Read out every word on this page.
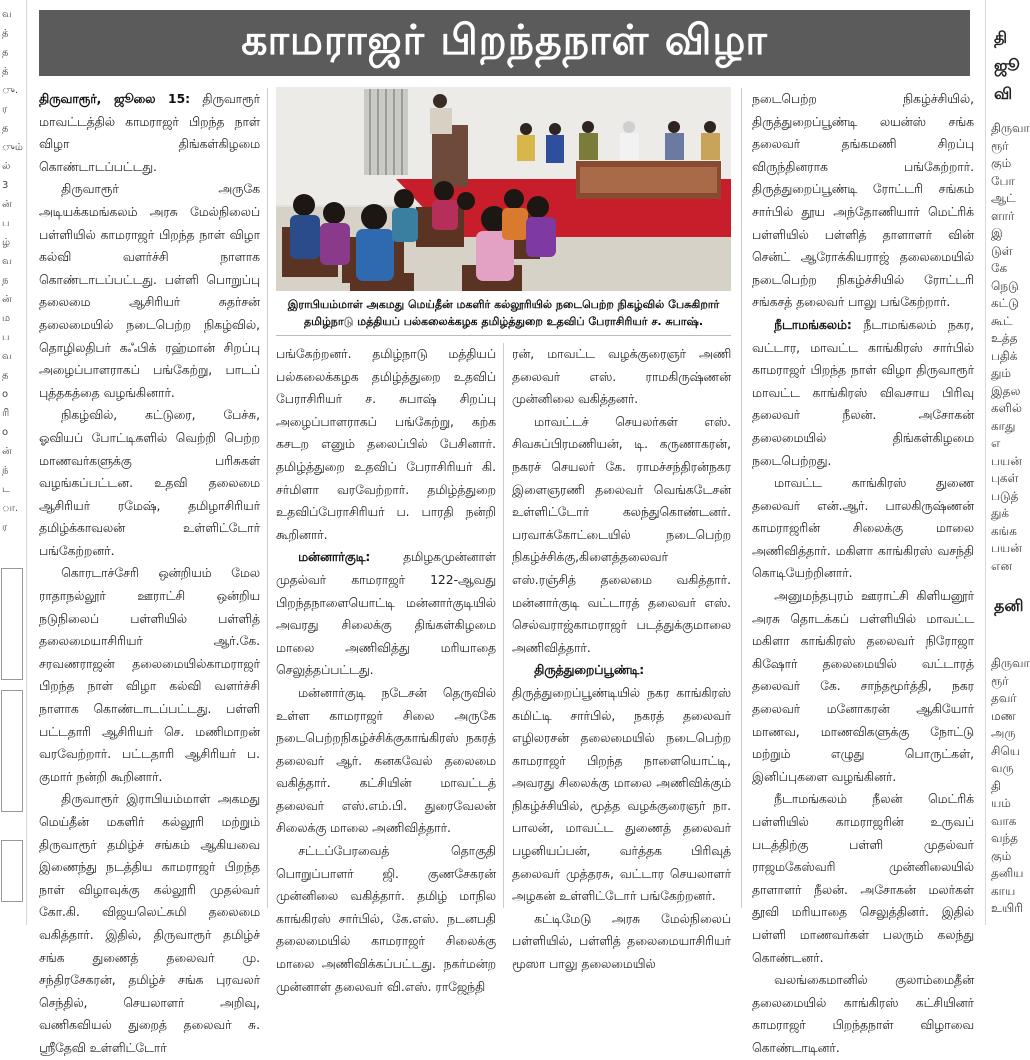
வ
த்
த
த்
ு.
ர
த
ும்
ல்
3
ன்
ப
ழ்
வ
ந
ன்
ம
ப
வ
த
o
ரி
o
ன்
ந்
ட
ா.
ர
காமராஜர் பிறந்தநாள் விழா

திருவாரூர், ஜூலை 15: திருவாரூர் மாவட்டத்தில் காமராஜர் பிறந்த நாள் விழா திங்கள்கிழமை கொண்டாடப்பட்டது.

திருவாரூர் அருகே அடியக்கமங்கலம் அரசு மேல்நிலைப் பள்ளியில் காமராஜர் பிறந்த நாள் விழா கல்வி வளர்ச்சி நாளாக கொண்டாடப்பட்டது. பள்ளி பொறுப்பு தலைமை ஆசிரியர் சுதர்சன் தலைமையில் நடைபெற்ற நிகழ்வில், தொழிலதிபர் கஃபிக் ரஹ்மான் சிறப்பு அழைப்பாளராகப் பங்கேற்று, பாடப் புத்தகத்தை வழங்கினார்.

நிகழ்வில், கட்டுரை, பேச்சு, ஓவியப் போட்டிகளில் வெற்றி பெற்ற மாணவர்களுக்கு பரிசுகள் வழங்கப்பட்டன. உதவி தலைமை ஆசிரியர் ரமேஷ், தமிழாசிரியர் தமிழ்க்காவலன் உள்ளிட்டோர் பங்கேற்றனர்.

கொரடாச்சேரி ஒன்றியம் மேல ராதாநல்லூர் ஊராட்சி ஒன்றிய நடுநிலைப் பள்ளியில் பள்ளித் தலைமையாசிரியர் ஆர்.கே. சரவணராஜன் தலைமையில்காமராஜர் பிறந்த நாள் விழா கல்வி வளர்ச்சி நாளாக கொண்டாடப்பட்டது. பள்ளி பட்டதாரி ஆசிரியர் செ. மணிமாறன் வரவேற்றார். பட்டதாரி ஆசிரியர் ப. குமார் நன்றி கூறினார்.

திருவாரூர் இராபியம்மாள் அகமது மெய்தீன் மகளிர் கல்லூரி மற்றும் திருவாரூர் தமிழ்ச் சங்கம் ஆகியவை இணைந்து நடத்திய காமராஜர் பிறந்த நாள் விழாவுக்கு கல்லூரி முதல்வர் கோ.கி. விஜயலெட்சுமி தலைமை வகித்தார். இதில், திருவாரூர் தமிழ்ச் சங்க துணைத் தலைவர் மு. சந்திரசேகரன், தமிழ்ச் சங்க புரவலர் செந்தில், செயலாளர் அறிவு, வணிகவியல் துறைத் தலைவர் சு. ஸ்ரீதேவி உள்ளிட்டோர்

இராபியம்மாள் அகமது மெய்தீன் மகளிர் கல்லூரியில் நடைபெற்ற நிகழ்வில் பேசுகிறார் தமிழ்நாடு மத்தியப் பல்கலைக்கழக தமிழ்த்துறை உதவிப் பேராசிரியர் ச. சுபாஷ்.

பங்கேற்றனர். தமிழ்நாடு மத்தியப் பல்கலைக்கழக தமிழ்த்துறை உதவிப் பேராசிரியர் ச. சுபாஷ் சிறப்பு அழைப்பாளராகப் பங்கேற்று, கற்க கசடற எனும் தலைப்பில் பேசினார். தமிழ்த்துறை உதவிப் பேராசிரியர் கி. சர்மிளா வரவேற்றார். தமிழ்த்துறை உதவிப்பேராசிரியர் ப. பாரதி நன்றி கூறினார்.

மன்னார்குடி: தமிழகமுன்னாள் முதல்வர் காமராஜர் 122-ஆவது பிறந்தநாளையொட்டி மன்னார்குடியில் அவரது சிலைக்கு திங்கள்கிழமை மாலை அணிவித்து மரியாதை செலுத்தப்பட்டது.

மன்னார்குடி நடேசன் தெருவில் உள்ள காமராஜர் சிலை அருகே நடைபெற்றநிகழ்ச்சிக்குகாங்கிரஸ் நகரத் தலைவர் ஆர். கனகவேல் தலைமை வகித்தார். கட்சியின் மாவட்டத் தலைவர் எஸ்.எம்.பி. துரைவேலன் சிலைக்கு மாலை அணிவித்தார்.

சட்டப்பேரவைத் தொகுதி பொறுப்பாளர் ஜி. குணசேகரன் முன்னிலை வகித்தார். தமிழ் மாநில காங்கிரஸ் சார்பில், கே.எஸ். நடனபதி தலைமையில் காமராஜர் சிலைக்கு மாலை அணிவிக்கப்பட்டது. நகர்மன்ற முன்னாள் தலைவர் வி.எஸ். ராஜேந்தி

ரன், மாவட்ட வழக்குரைஞர் அணி தலைவர் எஸ். ராமகிருஷ்ணன் முன்னிலை வகித்தனர்.

மாவட்டச் செயலர்கள் எஸ். சிவசுப்பிரமணியன், டி. கருணாகரன், நகரச் செயலர் கே. ராமச்சந்திரன்நகர இளைஞரணி தலைவர் வெங்கடேசன் உள்ளிட்டோர் கலந்துகொண்டனர். பரவாக்கோட்டையில் நடைபெற்ற நிகழ்ச்சிக்கு,கிளைத்தலைவர் எஸ்.ரஞ்சித் தலைமை வகித்தார். மன்னார்குடி வட்டாரத் தலைவர் எஸ். செல்வராஜ்காமராஜர் படத்துக்குமாலை அணிவித்தார்.

திருத்துறைப்பூண்டி: திருத்துறைப்பூண்டியில் நகர காங்கிரஸ் கமிட்டி சார்பில், நகரத் தலைவர் எழிலரசன் தலைமையில் நடைபெற்ற காமராஜர் பிறந்த நாளையொட்டி, அவரது சிலைக்கு மாலை அணிவிக்கும் நிகழ்ச்சியில், மூத்த வழக்குரைஞர் நா. பாலன், மாவட்ட துணைத் தலைவர் பழனியப்பன், வர்த்தக பிரிவுத் தலைவர் முத்தரசு, வட்டார செயலாளர் அழகன் உள்ளிட்டோர் பங்கேற்றனர்.

கட்டிமேடு அரசு மேல்நிலைப் பள்ளியில், பள்ளித் தலைமையாசிரியர் மூஸா பாலு தலைமையில்

நடைபெற்ற நிகழ்ச்சியில், திருத்துறைப்பூண்டி லயன்ஸ் சங்க தலைவர் தங்கமணி சிறப்பு விருந்தினராக பங்கேற்றார். திருத்துறைப்பூண்டி ரோட்டரி சங்கம் சார்பில் தூய அந்தோணியார் மெட்ரிக் பள்ளியில் பள்ளித் தாளாளர் வின் சென்ட் ஆரோக்கியராஜ் தலைமையில் நடைபெற்ற நிகழ்ச்சியில் ரோட்டரி சங்கசத் தலைவர் பாலு பங்கேற்றார்.

நீடாமங்கலம்: நீடாமங்கலம் நகர, வட்டார, மாவட்ட காங்கிரஸ் சார்பில் காமராஜர் பிறந்த நாள் விழா திருவாரூர் மாவட்ட காங்கிரஸ் விவசாய பிரிவு தலைவர் நீலன். அசோகன் தலைமையில் திங்கள்கிழமை நடைபெற்றது.

மாவட்ட காங்கிரஸ் துணை தலைவர் என்.ஆர். பாலகிருஷ்ணன் காமராஜரின் சிலைக்கு மாலை அணிவித்தார். மகிளா காங்கிரஸ் வசந்தி கொடியேற்றினார்.

அனுமந்தபுரம் ஊராட்சி கிளியனூர் அரசு தொடக்கப் பள்ளியில் மாவட்ட மகிளா காங்கிரஸ் தலைவர் நிரோஜா கிஷோர் தலைமையில் வட்டாரத் தலைவர் கே. சாந்தமூர்த்தி, நகர தலைவர் மனோகரன் ஆகியோர் மாணவ, மாணவிகளுக்கு நோட்டு மற்றும் எழுது பொருட்கள், இனிப்புகளை வழங்கினர்.

நீடாமங்கலம் நீலன் மெட்ரிக் பள்ளியில் காமராஜரின் உருவப் படத்திற்கு பள்ளி முதல்வர் ராஜமகேஸ்வரி முன்னிலையில் தாளாளர் நீலன். அசோகன் மலர்கள் தூவி மரியாதை செலுத்தினர். இதில் பள்ளி மாணவர்கள் பலரும் கலந்து கொண்டனர்.

வலங்கைமானில் குலாம்மைதீன் தலைமையில் காங்கிரஸ் கட்சியினர் காமராஜர் பிறந்தநாள் விழாவை கொண்டாடினர்.

தி
ஜூ
வி
திருவா
ரூர்
கும்
போ
ஆட்
ளார்
இ
டுள்
கே
நெடு
கட்டு
கூட்
உத்த
பதிக்
தும்
இதல
களில்
காது
எ
பயன்
புகள்
படுத்
துக்
கங்க
பயன்
என
தனி
திருவா
ரூர்
தவர்
மண
அரு
சியெ
வரு
தி
யம்
வாக
வந்த
கும்
தனிய
காய
உயிரி
